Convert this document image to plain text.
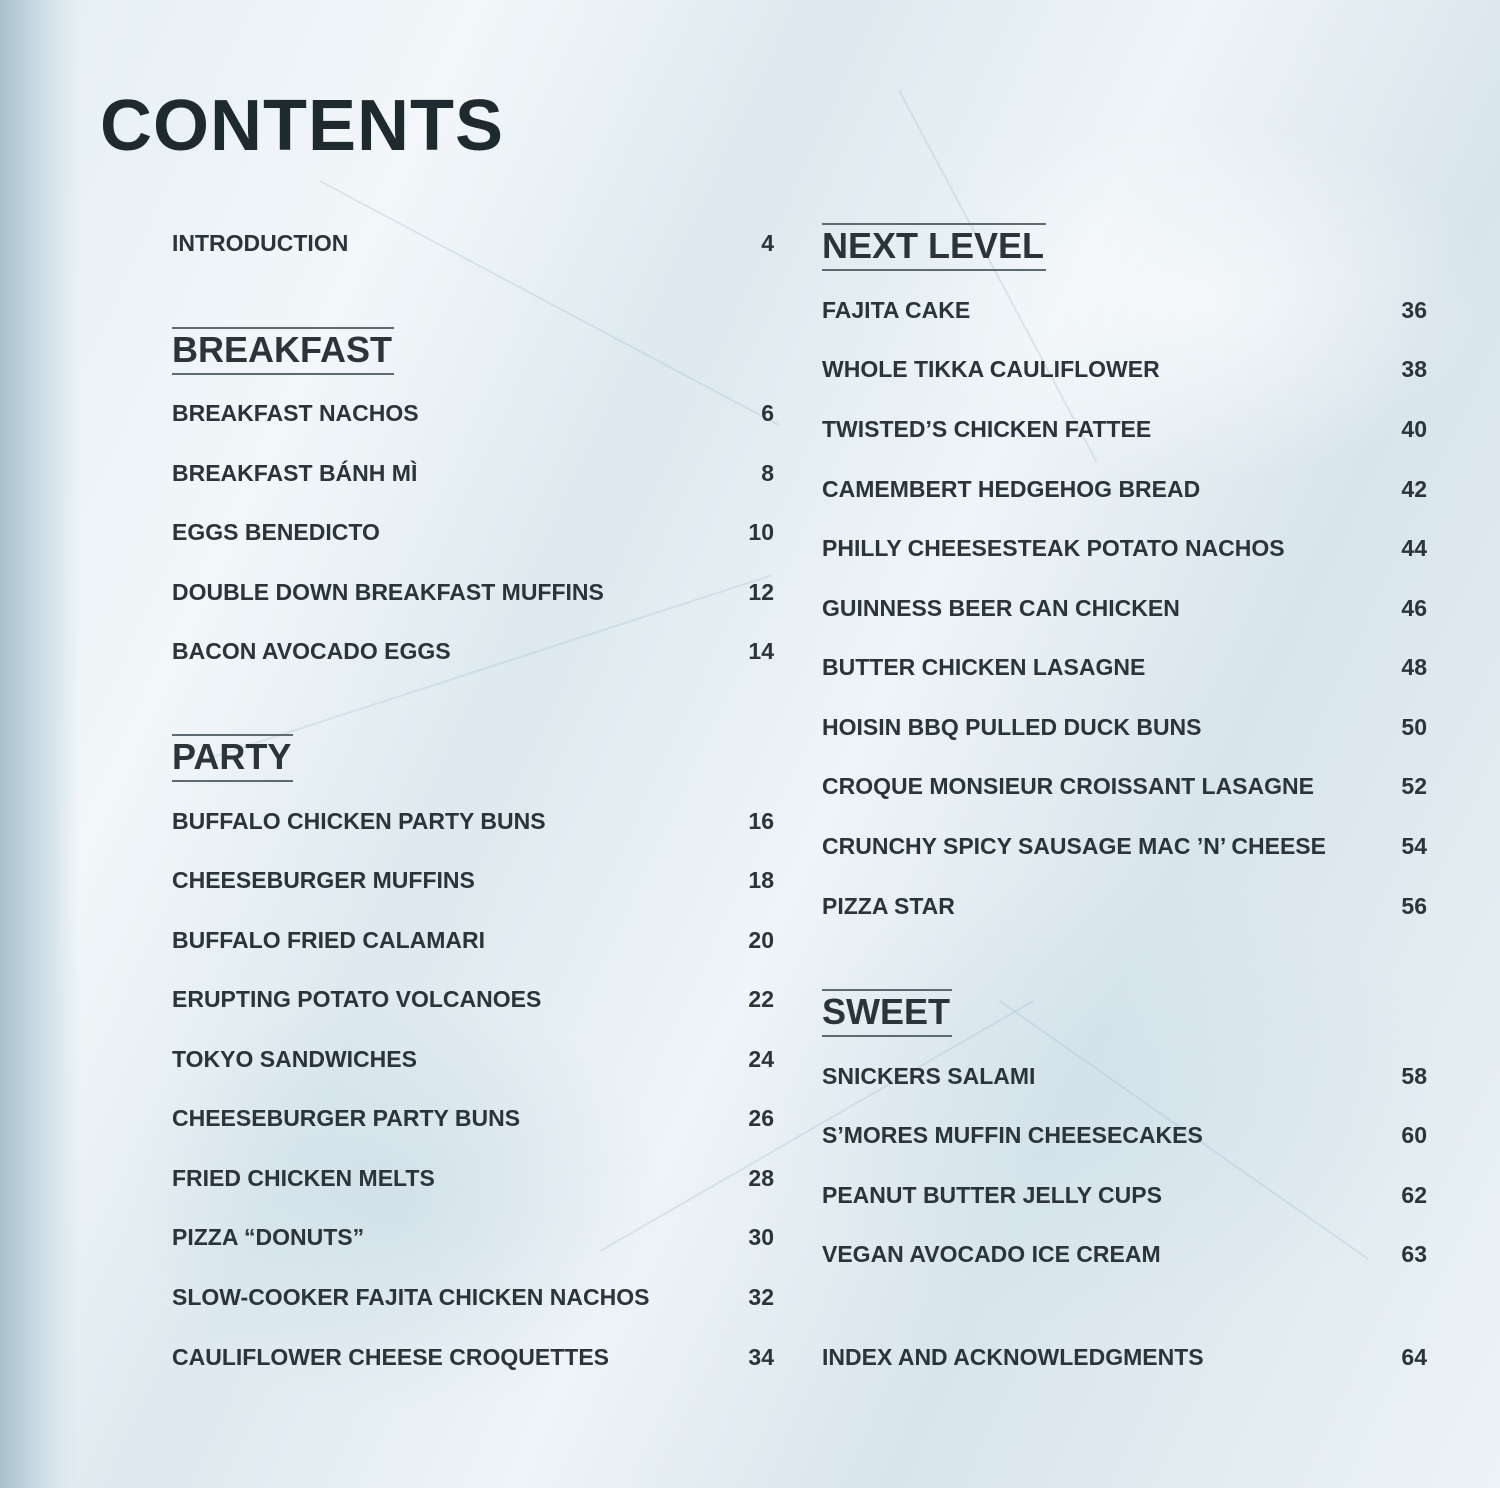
CONTENTS
INTRODUCTION	4
BREAKFAST
BREAKFAST NACHOS	6
BREAKFAST BÁNH MÌ	8
EGGS BENEDICTO	10
DOUBLE DOWN BREAKFAST MUFFINS	12
BACON AVOCADO EGGS	14
PARTY
BUFFALO CHICKEN PARTY BUNS	16
CHEESEBURGER MUFFINS	18
BUFFALO FRIED CALAMARI	20
ERUPTING POTATO VOLCANOES	22
TOKYO SANDWICHES	24
CHEESEBURGER PARTY BUNS	26
FRIED CHICKEN MELTS	28
PIZZA “DONUTS”	30
SLOW-COOKER FAJITA CHICKEN NACHOS	32
CAULIFLOWER CHEESE CROQUETTES	34
NEXT LEVEL
FAJITA CAKE	36
WHOLE TIKKA CAULIFLOWER	38
TWISTED’S CHICKEN FATTEE	40
CAMEMBERT HEDGEHOG BREAD	42
PHILLY CHEESESTEAK POTATO NACHOS	44
GUINNESS BEER CAN CHICKEN	46
BUTTER CHICKEN LASAGNE	48
HOISIN BBQ PULLED DUCK BUNS	50
CROQUE MONSIEUR CROISSANT LASAGNE	52
CRUNCHY SPICY SAUSAGE MAC ’N’ CHEESE	54
PIZZA STAR	56
SWEET
SNICKERS SALAMI	58
S’MORES MUFFIN CHEESECAKES	60
PEANUT BUTTER JELLY CUPS	62
VEGAN AVOCADO ICE CREAM	63
INDEX AND ACKNOWLEDGMENTS	64
